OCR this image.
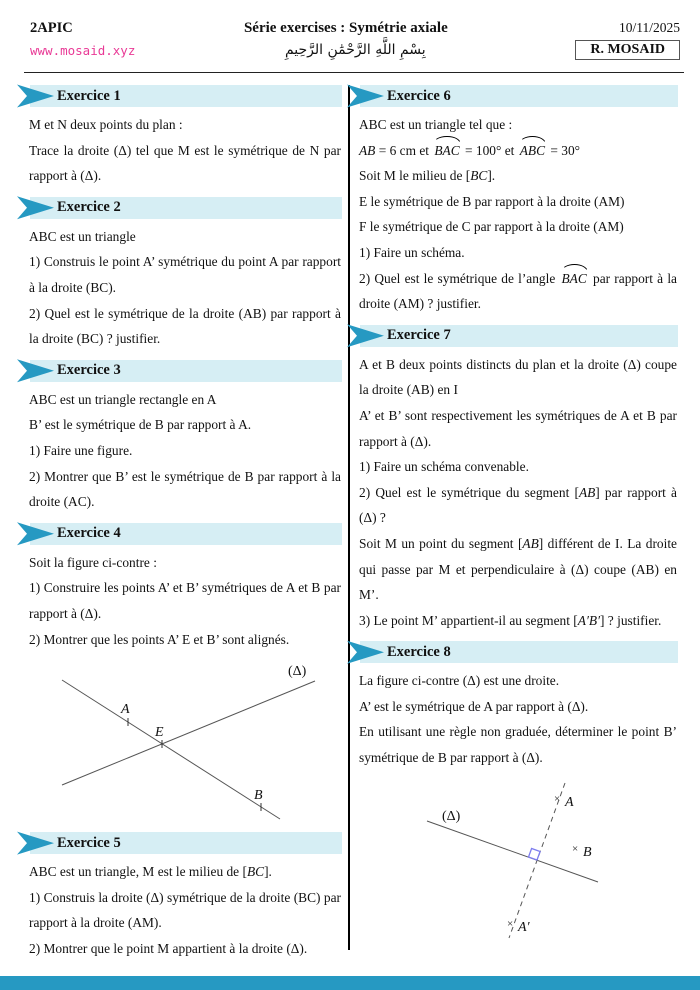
2APIC	Série exercises : Symétrie axiale	10/11/2025
www.mosaid.xyz	بِسْمِ اللَّهِ الرَّحْمَٰنِ الرَّحِيمِ	R. MOSAID
Exercice 1

M et N deux points du plan :

Trace la droite (Δ) tel que M est le symétrique de N par rapport à (Δ).

Exercice 2

ABC est un triangle

1) Construis le point A’ symétrique du point A par rapport à la droite (BC).

2) Quel est le symétrique de la droite (AB) par rapport à la droite (BC) ? justifier.

Exercice 3

ABC est un triangle rectangle en A

B’ est le symétrique de B par rapport à A.

1) Faire une figure.

2) Montrer que B’ est le symétrique de B par rapport à la droite (AC).

Exercice 4

Soit la figure ci-contre :

1) Construire les points A’ et B’ symétriques de A et B par rapport à (Δ).

2) Montrer que les points A’ E et B’ sont alignés.

(Δ)
A
E
B
Exercice 5

ABC est un triangle, M est le milieu de [BC].

1) Construis la droite (Δ) symétrique de la droite (BC) par rapport à la droite (AM).

2) Montrer que le point M appartient à la droite (Δ).

Exercice 6

ABC est un triangle tel que :

AB = 6 cm et BAC = 100° et ABC = 30°

Soit M le milieu de [BC].

E le symétrique de B par rapport à la droite (AM)

F le symétrique de C par rapport à la droite (AM)

1) Faire un schéma.

2) Quel est le symétrique de l’angle BAC par rapport à la droite (AM) ? justifier.

Exercice 7

A et B deux points distincts du plan et la droite (Δ) coupe la droite (AB) en I

A’ et B’ sont respectivement les symétriques de A et B par rapport à (Δ).

1) Faire un schéma convenable.

2) Quel est le symétrique du segment [AB] par rapport à (Δ) ?

Soit M un point du segment [AB] différent de I. La droite qui passe par M et perpendiculaire à (Δ) coupe (AB) en M’.

3) Le point M’ appartient-il au segment [A′B′] ? justifier.

Exercice 8

La figure ci-contre (Δ) est une droite.

A’ est le symétrique de A par rapport à (Δ).

En utilisant une règle non graduée, déterminer le point B’ symétrique de B par rapport à (Δ).

(Δ)
× A
× B
× A′
